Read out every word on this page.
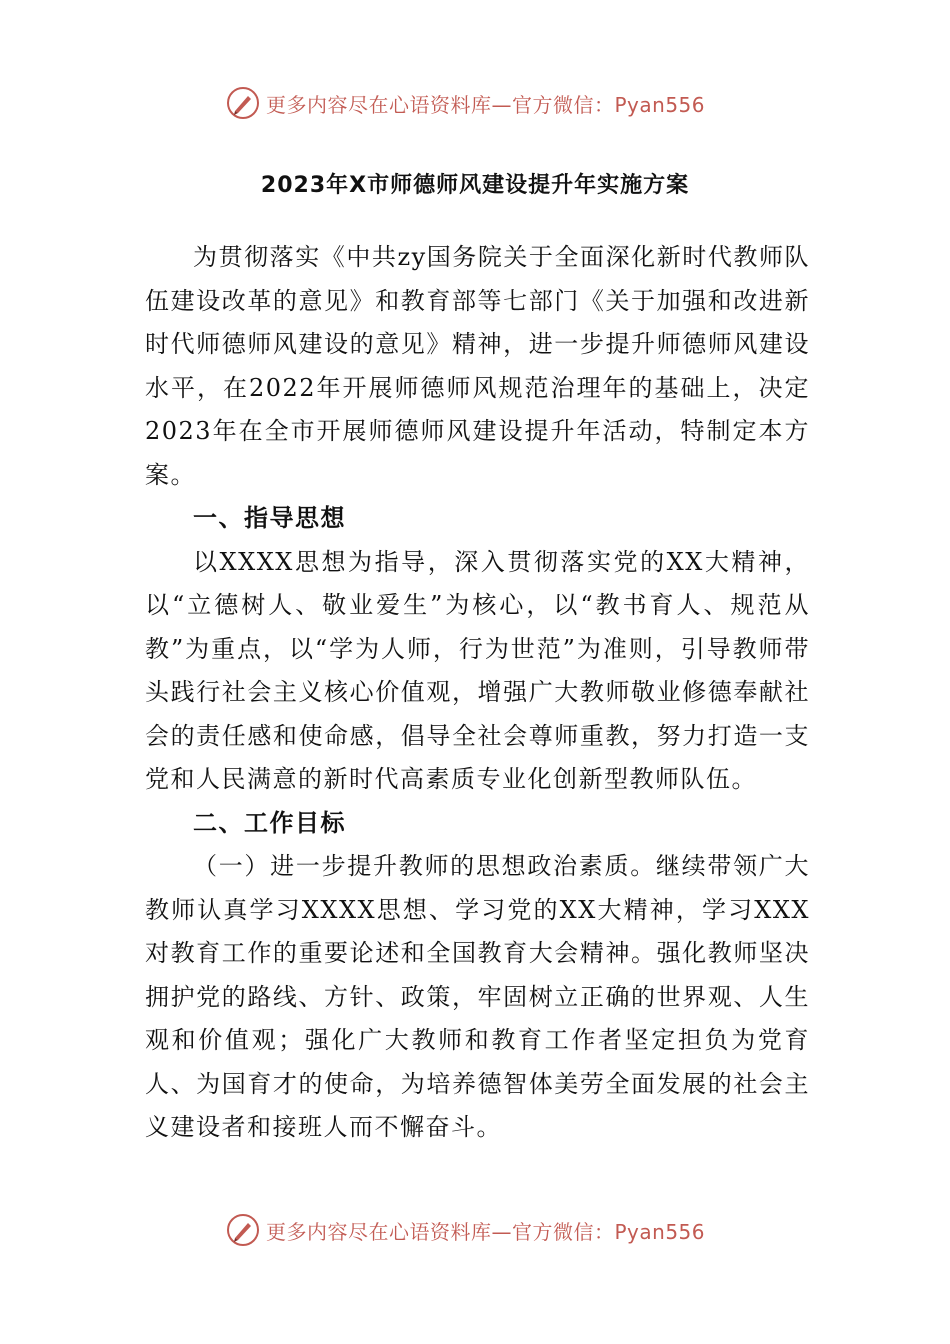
更多内容尽在心语资料库—官方微信：Pyan556
2023年X市师德师风建设提升年实施方案

为贯彻落实《中共zy国务院关于全面深化新时代教师队伍建设改革的意见》和教育部等七部门《关于加强和改进新时代师德师风建设的意见》精神，进一步提升师德师风建设水平，在2022年开展师德师风规范治理年的基础上，决定2023年在全市开展师德师风建设提升年活动，特制定本方案。

一、指导思想

以XXXX思想为指导，深入贯彻落实党的XX大精神，以“立德树人、敬业爱生”为核心，以“教书育人、规范从教”为重点，以“学为人师，行为世范”为准则，引导教师带头践行社会主义核心价值观，增强广大教师敬业修德奉献社会的责任感和使命感，倡导全社会尊师重教，努力打造一支党和人民满意的新时代高素质专业化创新型教师队伍。

二、工作目标

（一）进一步提升教师的思想政治素质。继续带领广大教师认真学习XXXX思想、学习党的XX大精神，学习XXX对教育工作的重要论述和全国教育大会精神。强化教师坚决拥护党的路线、方针、政策，牢固树立正确的世界观、人生观和价值观；强化广大教师和教育工作者坚定担负为党育人、为国育才的使命，为培养德智体美劳全面发展的社会主义建设者和接班人而不懈奋斗。

更多内容尽在心语资料库—官方微信：Pyan556
